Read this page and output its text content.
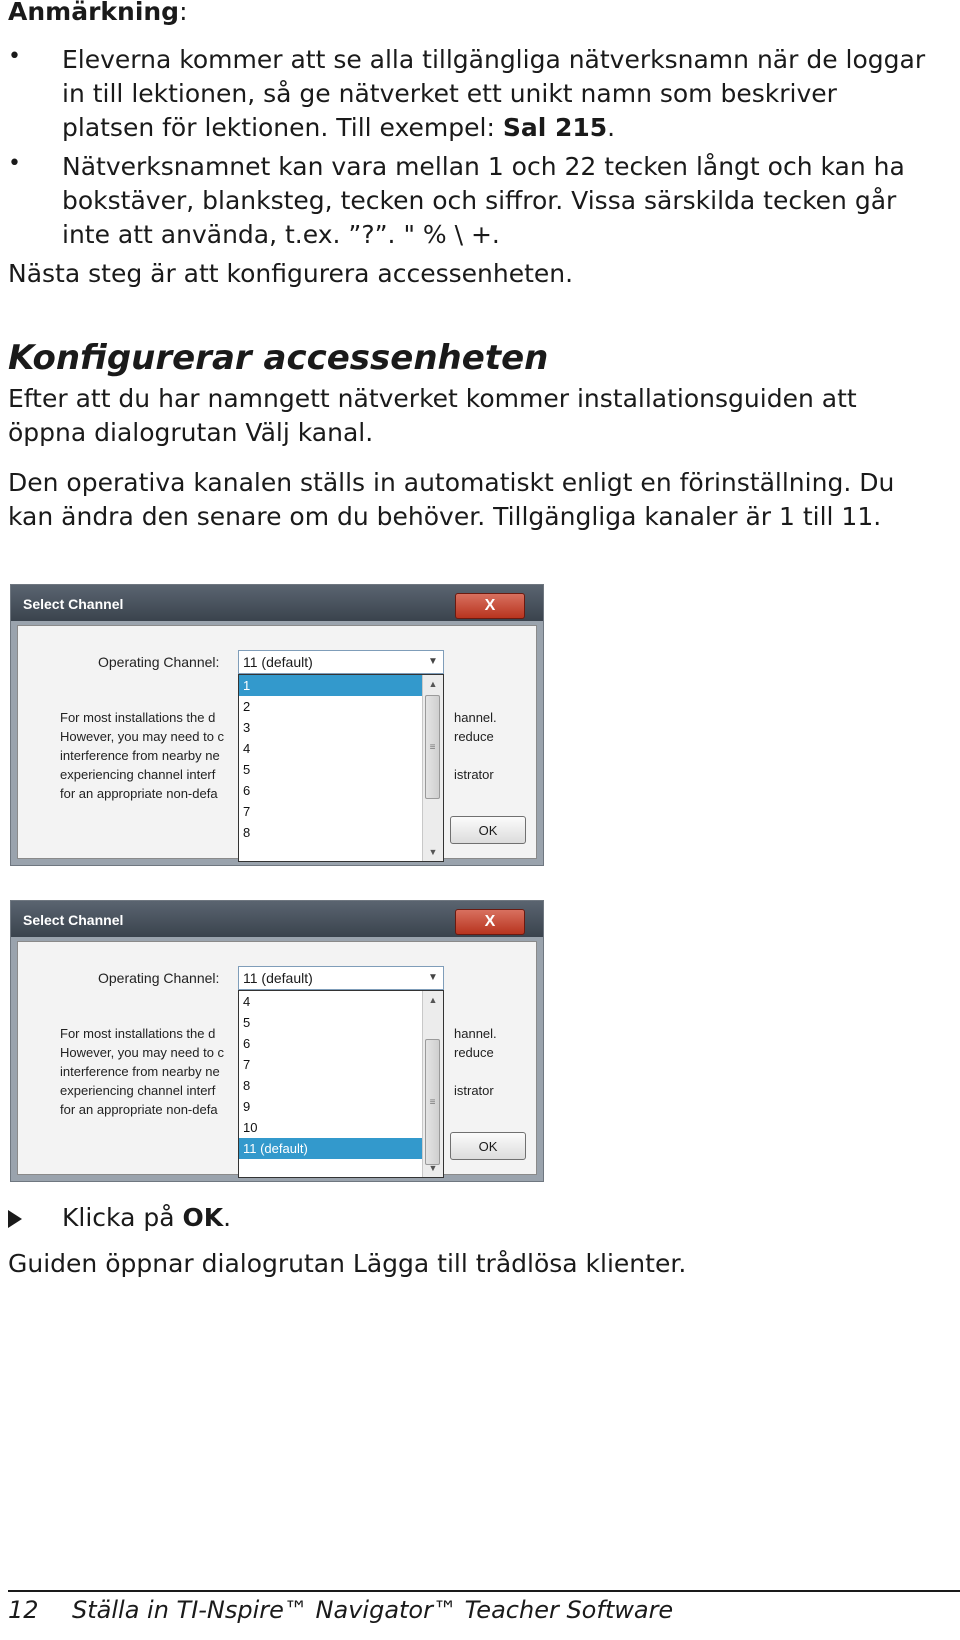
Anmärkning:

• Eleverna kommer att se alla tillgängliga nätverksnamn när de loggar

in till lektionen, så ge nätverket ett unikt namn som beskriver

platsen för lektionen. Till exempel: Sal 215.

• Nätverksnamnet kan vara mellan 1 och 22 tecken långt och kan ha

bokstäver, blanksteg, tecken och siffror. Vissa särskilda tecken går

inte att använda, t.ex. ”?”. " % \ +.

Nästa steg är att konfigurera accessenheten.

Konfigurerar accessenheten

Efter att du har namngett nätverket kommer installationsguiden att

öppna dialogrutan Välj kanal.

Den operativa kanalen ställs in automatiskt enligt en förinställning. Du

kan ändra den senare om du behöver. Tillgängliga kanaler är 1 till 11.

Select Channel	X
Operating Channel:	11 (default)	▼
For most installations the d
However, you may need to c
interference from nearby ne
experiencing channel interf
for an appropriate non-defa
hannel.
reduce

istrator
OK
1
2
3
4
5
6
7
8
▲
≡
▼
Select Channel	X
Operating Channel:	11 (default)	▼
For most installations the d
However, you may need to c
interference from nearby ne
experiencing channel interf
for an appropriate non-defa
hannel.
reduce

istrator
OK
4
5
6
7
8
9
10
11 (default)
▲
≡
▼

Klicka på OK.

Guiden öppnar dialogrutan Lägga till trådlösa klienter.

12 Ställa in TI-Nspire™ Navigator™ Teacher Software
